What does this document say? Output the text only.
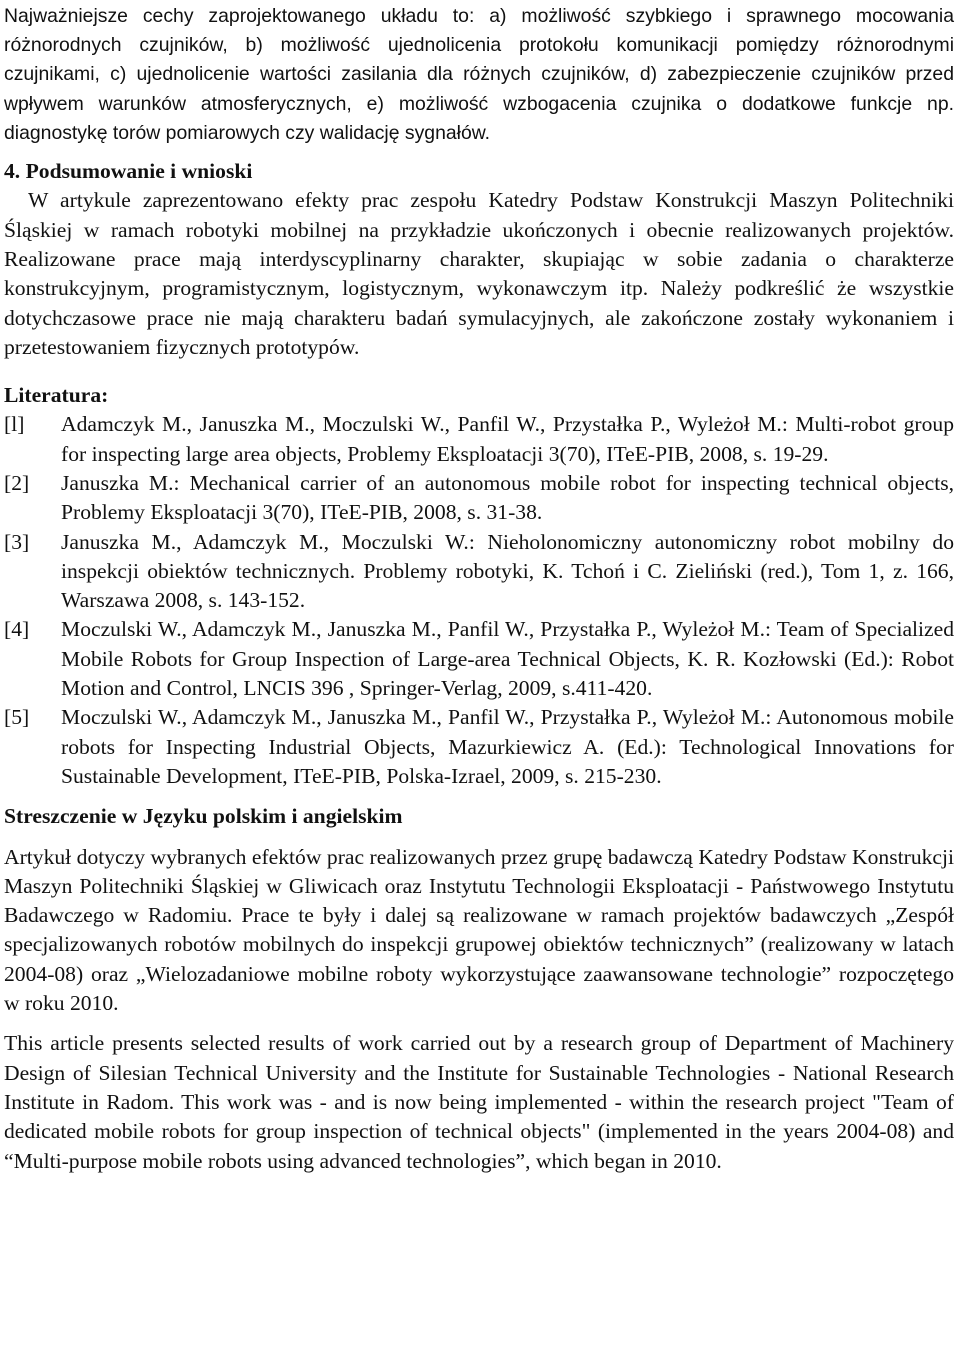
Najważniejsze cechy zaprojektowanego układu to: a) możliwość szybkiego i sprawnego mocowania różnorodnych czujników, b) możliwość ujednolicenia protokołu komunikacji pomiędzy różnorodnymi czujnikami, c) ujednolicenie wartości zasilania dla różnych czujników, d) zabezpieczenie czujników przed wpływem warunków atmosferycznych, e) możliwość wzbogacenia czujnika o dodatkowe funkcje np. diagnostykę torów pomiarowych czy walidację sygnałów.

4. Podsumowanie i wnioski

W artykule zaprezentowano efekty prac zespołu Katedry Podstaw Konstrukcji Maszyn Politechniki Śląskiej w ramach robotyki mobilnej na przykładzie ukończonych i obecnie realizowanych projektów. Realizowane prace mają interdyscyplinarny charakter, skupiając w sobie zadania o charakterze konstrukcyjnym, programistycznym, logistycznym, wykonawczym itp. Należy podkreślić że wszystkie dotychczasowe prace nie mają charakteru badań symulacyjnych, ale zakończone zostały wykonaniem i przetestowaniem fizycznych prototypów.

Literatura:
[l]	Adamczyk M., Januszka M., Moczulski W., Panfil W., Przystałka P., Wyleżoł M.: Multi-robot group for inspecting large area objects, Problemy Eksploatacji 3(70), ITeE-PIB, 2008, s. 19-29.
[2]	Januszka M.: Mechanical carrier of an autonomous mobile robot for inspecting technical objects, Problemy Eksploatacji 3(70), ITeE-PIB, 2008, s. 31-38.
[3]	Januszka M., Adamczyk M., Moczulski W.: Nieholonomiczny autonomiczny robot mobilny do inspekcji obiektów technicznych. Problemy robotyki, K. Tchoń i C. Zieliński (red.), Tom 1, z. 166, Warszawa 2008, s. 143-152.
[4]	Moczulski W., Adamczyk M., Januszka M., Panfil W., Przystałka P., Wyleżoł M.: Team of Specialized Mobile Robots for Group Inspection of Large-area Technical Objects, K. R. Kozłowski (Ed.): Robot Motion and Control, LNCIS 396 , Springer-Verlag, 2009, s.411-420.
[5]	Moczulski W., Adamczyk M., Januszka M., Panfil W., Przystałka P., Wyleżoł M.: Autonomous mobile robots for Inspecting Industrial Objects, Mazurkiewicz A. (Ed.): Technological Innovations for Sustainable Development, ITeE-PIB, Polska-Izrael, 2009, s. 215-230.
Streszczenie w Języku polskim i angielskim

Artykuł dotyczy wybranych efektów prac realizowanych przez grupę badawczą Katedry Podstaw Konstrukcji Maszyn Politechniki Śląskiej w Gliwicach oraz Instytutu Technologii Eksploatacji - Państwowego Instytutu Badawczego w Radomiu. Prace te były i dalej są realizowane w ramach projektów badawczych „Zespół specjalizowanych robotów mobilnych do inspekcji grupowej obiektów technicznych” (realizowany w latach 2004-08) oraz „Wielozadaniowe mobilne roboty wykorzystujące zaawansowane technologie” rozpoczętego w roku 2010.

This article presents selected results of work carried out by a research group of Department of Machinery Design of Silesian Technical University and the Institute for Sustainable Technologies - National Research Institute in Radom. This work was - and is now being implemented - within the research project "Team of dedicated mobile robots for group inspection of technical objects" (implemented in the years 2004-08) and “Multi-purpose mobile robots using advanced technologies”, which began in 2010.
